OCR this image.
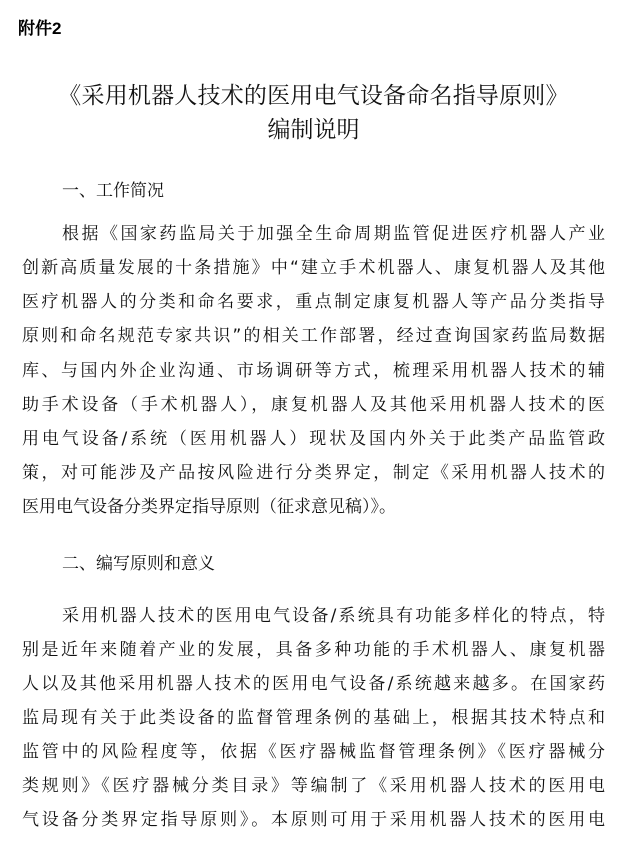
附件2
《采用机器人技术的医用电气设备命名指导原则》
编制说明
一、工作简况
根据《国家药监局关于加强全生命周期监管促进医疗机器人产业
创新高质量发展的十条措施》中“建立手术机器人、康复机器人及其他
医疗机器人的分类和命名要求，重点制定康复机器人等产品分类指导
原则和命名规范专家共识”的相关工作部署，经过查询国家药监局数据
库、与国内外企业沟通、市场调研等方式，梳理采用机器人技术的辅
助手术设备（手术机器人），康复机器人及其他采用机器人技术的医
用电气设备/系统（医用机器人）现状及国内外关于此类产品监管政
策，对可能涉及产品按风险进行分类界定，制定《采用机器人技术的
医用电气设备分类界定指导原则（征求意见稿）》。
二、编写原则和意义
采用机器人技术的医用电气设备/系统具有功能多样化的特点，特
别是近年来随着产业的发展，具备多种功能的手术机器人、康复机器
人以及其他采用机器人技术的医用电气设备/系统越来越多。在国家药
监局现有关于此类设备的监督管理条例的基础上，根据其技术特点和
监管中的风险程度等，依据《医疗器械监督管理条例》《医疗器械分
类规则》《医疗器械分类目录》等编制了《采用机器人技术的医用电
气设备分类界定指导原则》。本原则可用于采用机器人技术的医用电
